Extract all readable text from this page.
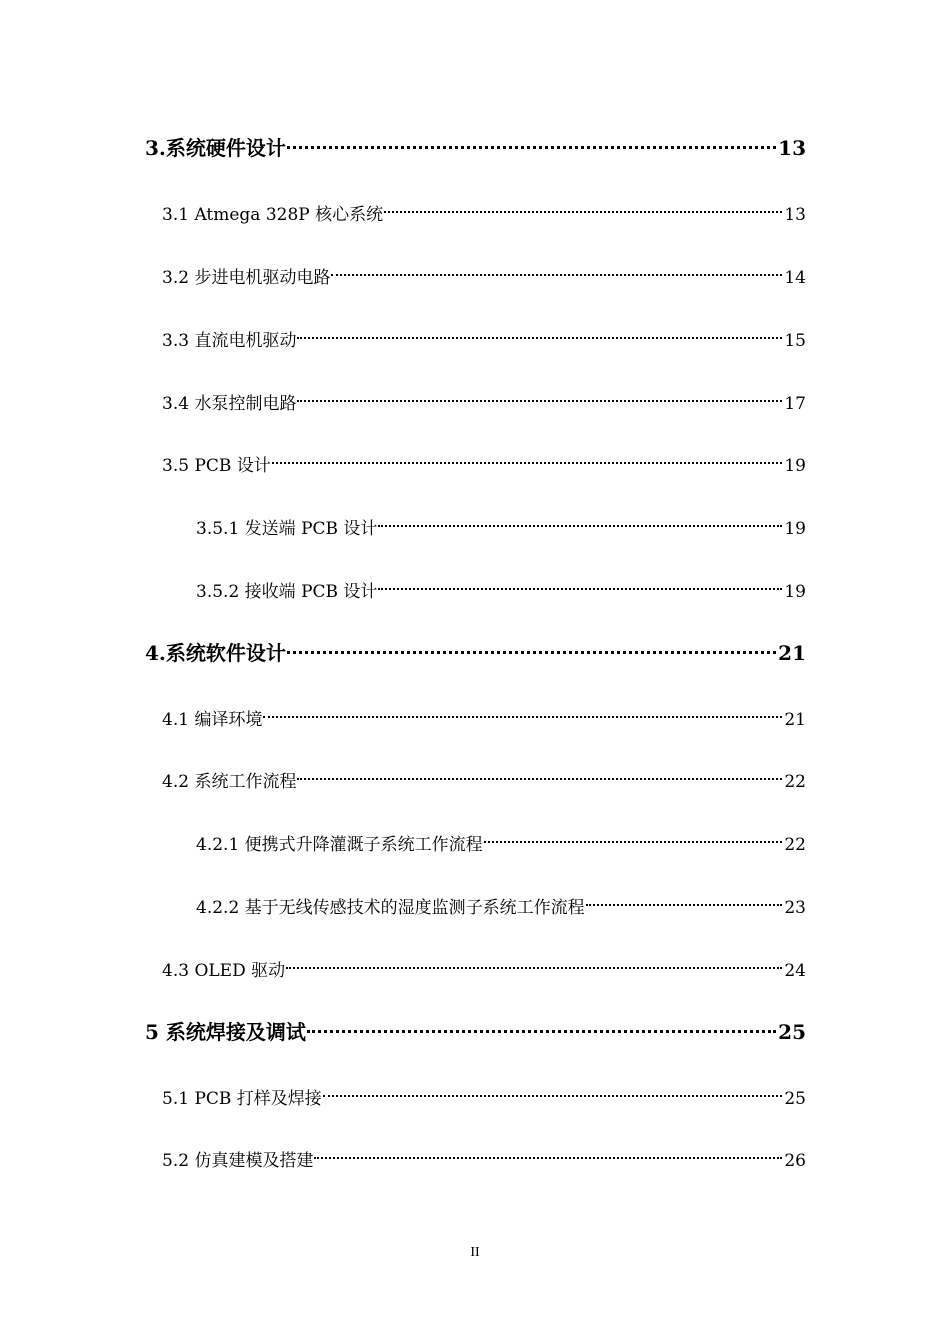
3.系统硬件设计	13
3.1 Atmega 328P 核心系统	13
3.2 步进电机驱动电路	14
3.3 直流电机驱动	15
3.4 水泵控制电路	17
3.5 PCB 设计	19
3.5.1 发送端 PCB 设计	19
3.5.2 接收端 PCB 设计	19
4.系统软件设计	21
4.1 编译环境	21
4.2 系统工作流程	22
4.2.1 便携式升降灌溉子系统工作流程	22
4.2.2 基于无线传感技术的湿度监测子系统工作流程	23
4.3 OLED 驱动	24
5 系统焊接及调试	25
5.1 PCB 打样及焊接	25
5.2 仿真建模及搭建	26
II
